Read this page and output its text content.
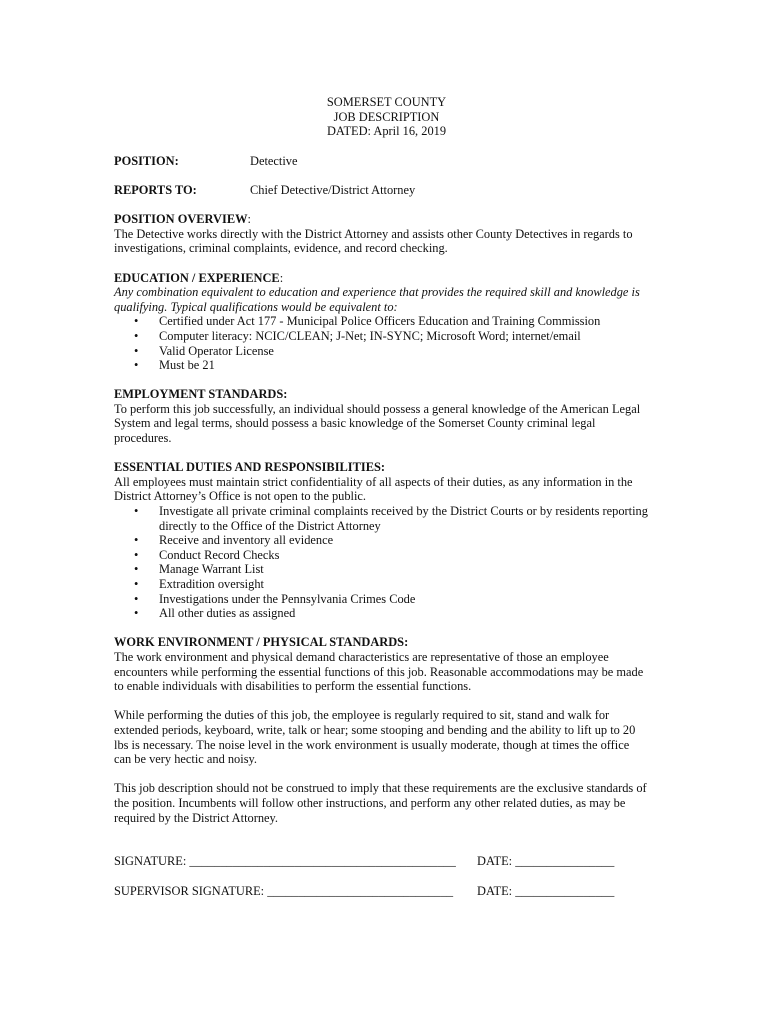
SOMERSET COUNTY
JOB DESCRIPTION
DATED: April 16, 2019
POSITION:	Detective
REPORTS TO:	Chief Detective/District Attorney
POSITION OVERVIEW:

The Detective works directly with the District Attorney and assists other County Detectives in regards to

investigations, criminal complaints, evidence, and record checking.

EDUCATION / EXPERIENCE:

Any combination equivalent to education and experience that provides the required skill and knowledge is

qualifying. Typical qualifications would be equivalent to:

• Certified under Act 177 - Municipal Police Officers Education and Training Commission
• Computer literacy: NCIC/CLEAN; J-Net; IN-SYNC; Microsoft Word; internet/email
• Valid Operator License
• Must be 21
EMPLOYMENT STANDARDS:

To perform this job successfully, an individual should possess a general knowledge of the American Legal

System and legal terms, should possess a basic knowledge of the Somerset County criminal legal

procedures.

ESSENTIAL DUTIES AND RESPONSIBILITIES:

All employees must maintain strict confidentiality of all aspects of their duties, as any information in the

District Attorney’s Office is not open to the public.

• Investigate all private criminal complaints received by the District Courts or by residents reporting
directly to the Office of the District Attorney
• Receive and inventory all evidence
• Conduct Record Checks
• Manage Warrant List
• Extradition oversight
• Investigations under the Pennsylvania Crimes Code
• All other duties as assigned
WORK ENVIRONMENT / PHYSICAL STANDARDS:

The work environment and physical demand characteristics are representative of those an employee

encounters while performing the essential functions of this job. Reasonable accommodations may be made

to enable individuals with disabilities to perform the essential functions.

While performing the duties of this job, the employee is regularly required to sit, stand and walk for

extended periods, keyboard, write, talk or hear; some stooping and bending and the ability to lift up to 20

lbs is necessary. The noise level in the work environment is usually moderate, though at times the office

can be very hectic and noisy.

This job description should not be construed to imply that these requirements are the exclusive standards of

the position. Incumbents will follow other instructions, and perform any other related duties, as may be

required by the District Attorney.

SIGNATURE: ___________________________________________	DATE: ________________
SUPERVISOR SIGNATURE: ______________________________	DATE: ________________
